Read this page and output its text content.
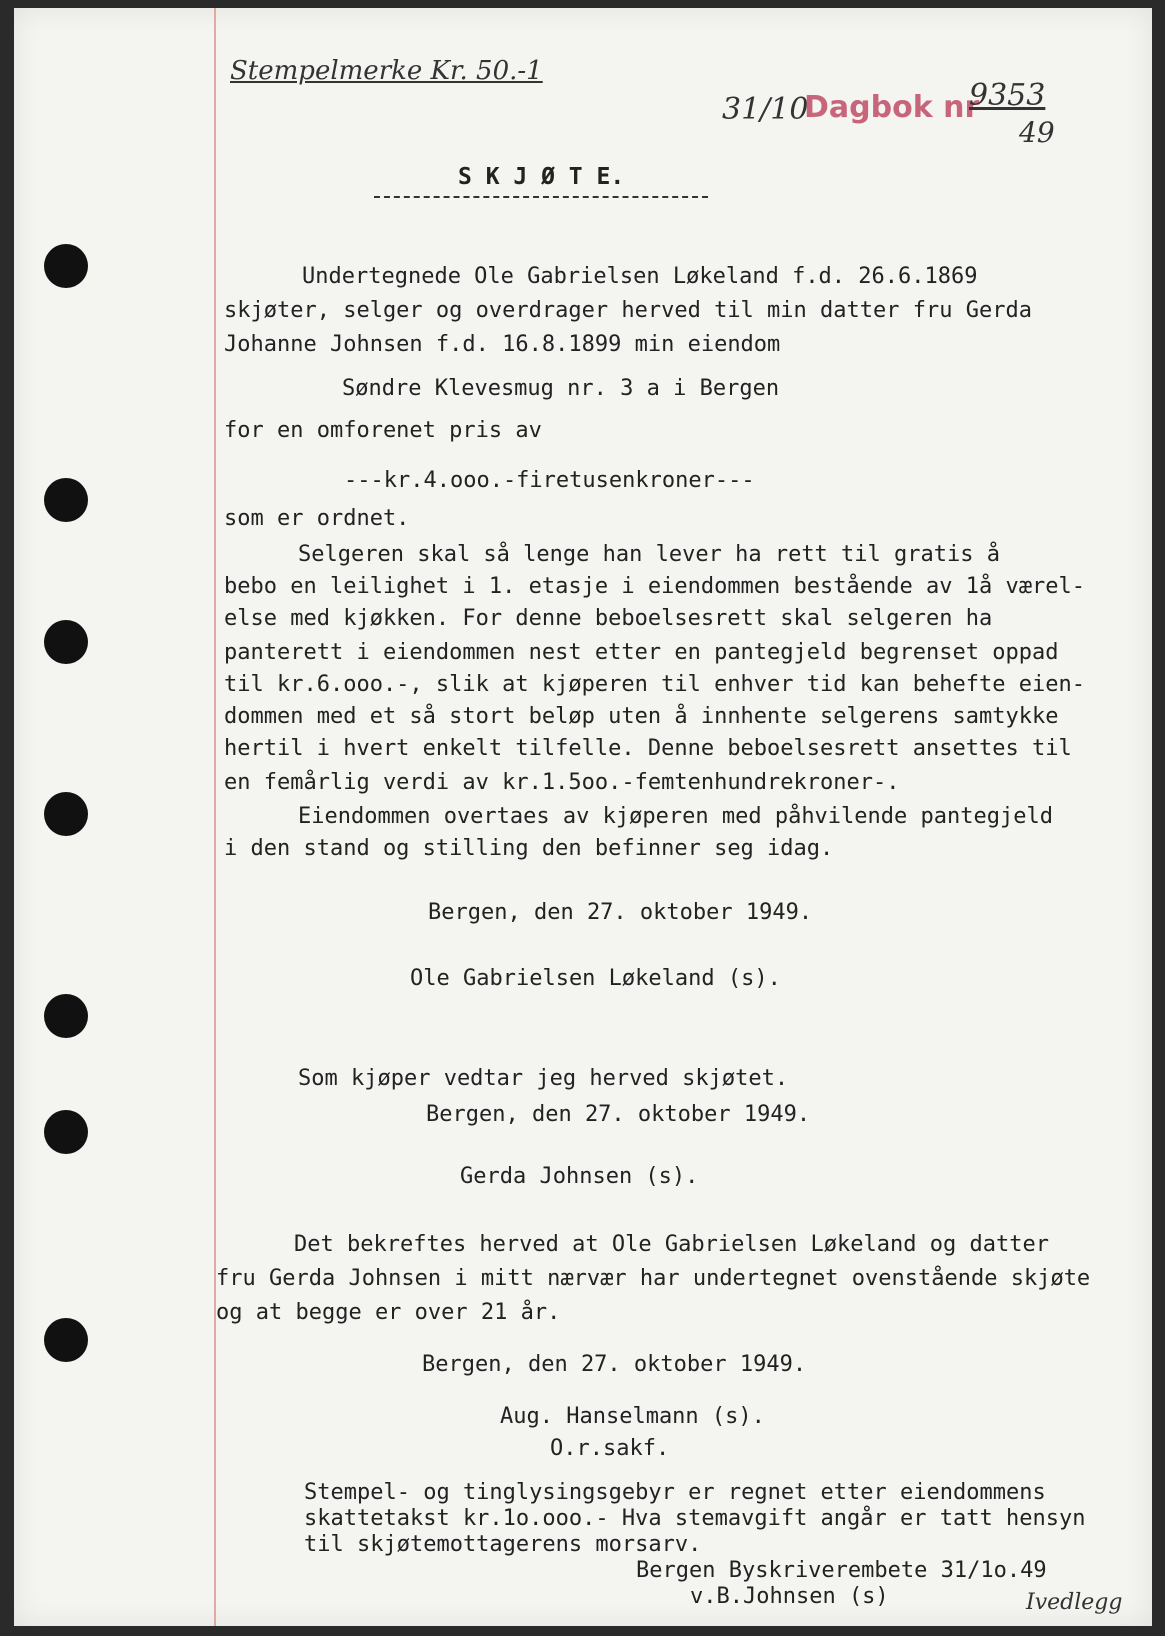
Stempelmerke Kr. 50.-1
31/10
Dagbok nr
9353
49
Ivedlegg
S K J Ø T E.
Undertegnede Ole Gabrielsen Løkeland f.d. 26.6.1869
skjøter, selger og overdrager herved til min datter fru Gerda
Johanne Johnsen f.d. 16.8.1899 min eiendom
Søndre Klevesmug nr. 3 a i Bergen
for en omforenet pris av
---kr.4.ooo.-firetusenkroner---
som er ordnet.
Selgeren skal så lenge han lever ha rett til gratis å
bebo en leilighet i 1. etasje i eiendommen bestående av 1å værel-
else med kjøkken. For denne beboelsesrett skal selgeren ha
panterett i eiendommen nest etter en pantegjeld begrenset oppad
til kr.6.ooo.-, slik at kjøperen til enhver tid kan behefte eien-
dommen med et så stort beløp uten å innhente selgerens samtykke
hertil i hvert enkelt tilfelle. Denne beboelsesrett ansettes til
en femårlig verdi av kr.1.5oo.-femtenhundrekroner-.
Eiendommen overtaes av kjøperen med påhvilende pantegjeld
i den stand og stilling den befinner seg idag.
Bergen, den 27. oktober 1949.
Ole Gabrielsen Løkeland (s).
Som kjøper vedtar jeg herved skjøtet.
Bergen, den 27. oktober 1949.
Gerda Johnsen (s).
Det bekreftes herved at Ole Gabrielsen Løkeland og datter
fru Gerda Johnsen i mitt nærvær har undertegnet ovenstående skjøte
og at begge er over 21 år.
Bergen, den 27. oktober 1949.
Aug. Hanselmann (s).
O.r.sakf.
Stempel- og tinglysingsgebyr er regnet etter eiendommens
skattetakst kr.1o.ooo.- Hva stemavgift angår er tatt hensyn
til skjøtemottagerens morsarv.
Bergen Byskriverembete 31/1o.49
v.B.Johnsen (s)
